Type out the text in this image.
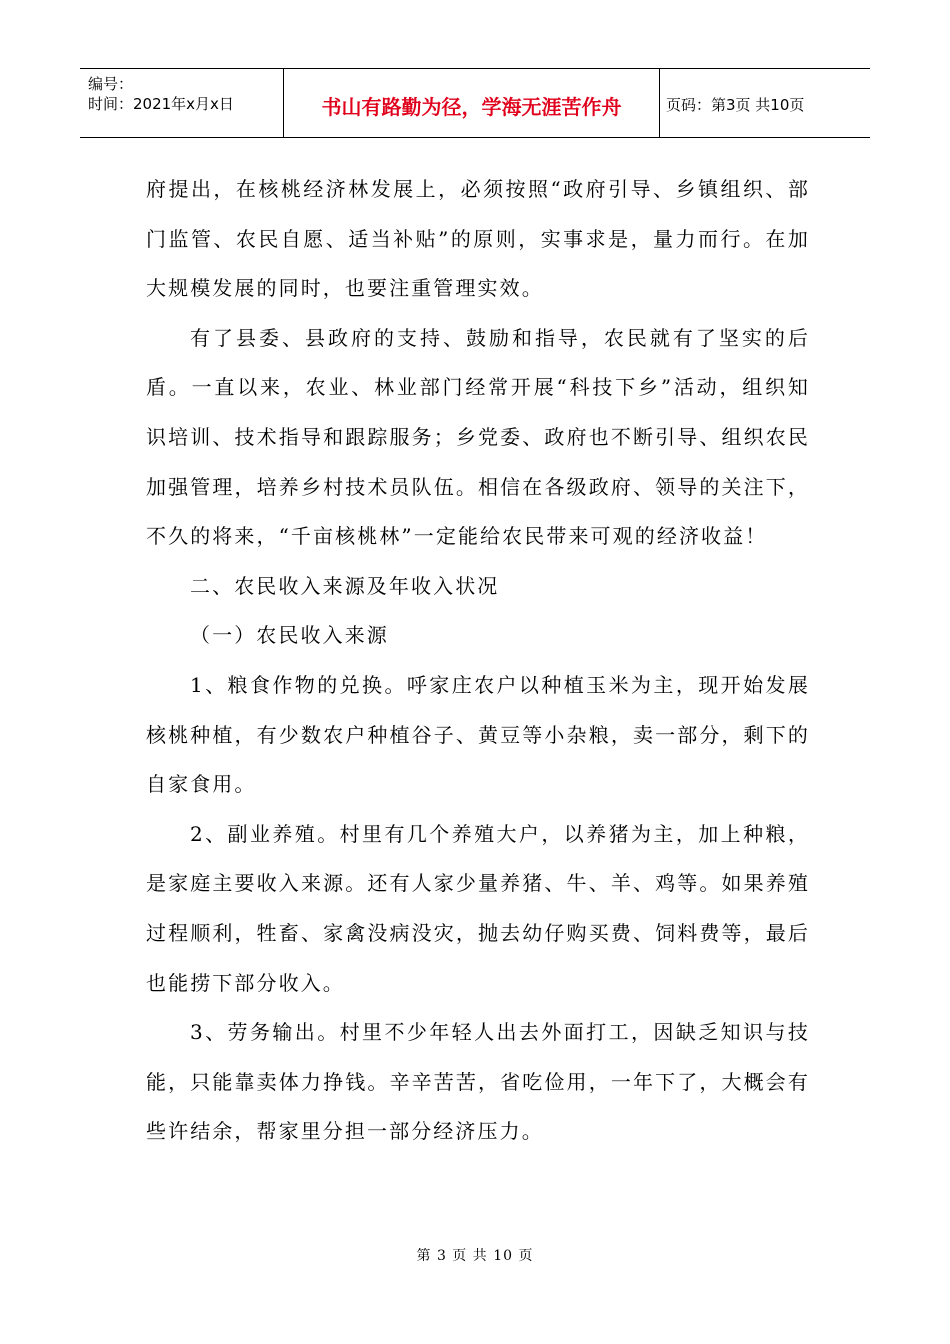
编号：
时间：2021年x月x日	书山有路勤为径，学海无涯苦作舟	页码：第3页 共10页

府提出，在核桃经济林发展上，必须按照“政府引导、乡镇组织、部门监管、农民自愿、适当补贴”的原则，实事求是，量力而行。在加大规模发展的同时，也要注重管理实效。

有了县委、县政府的支持、鼓励和指导，农民就有了坚实的后盾。一直以来，农业、林业部门经常开展“科技下乡”活动，组织知识培训、技术指导和跟踪服务；乡党委、政府也不断引导、组织农民加强管理，培养乡村技术员队伍。相信在各级政府、领导的关注下，不久的将来，“千亩核桃林”一定能给农民带来可观的经济收益！

二、农民收入来源及年收入状况

（一）农民收入来源

1、粮食作物的兑换。呼家庄农户以种植玉米为主，现开始发展核桃种植，有少数农户种植谷子、黄豆等小杂粮，卖一部分，剩下的自家食用。

2、副业养殖。村里有几个养殖大户，以养猪为主，加上种粮，是家庭主要收入来源。还有人家少量养猪、牛、羊、鸡等。如果养殖过程顺利，牲畜、家禽没病没灾，抛去幼仔购买费、饲料费等，最后也能捞下部分收入。

3、劳务输出。村里不少年轻人出去外面打工，因缺乏知识与技能，只能靠卖体力挣钱。辛辛苦苦，省吃俭用，一年下了，大概会有些许结余，帮家里分担一部分经济压力。

第 3 页 共 10 页
